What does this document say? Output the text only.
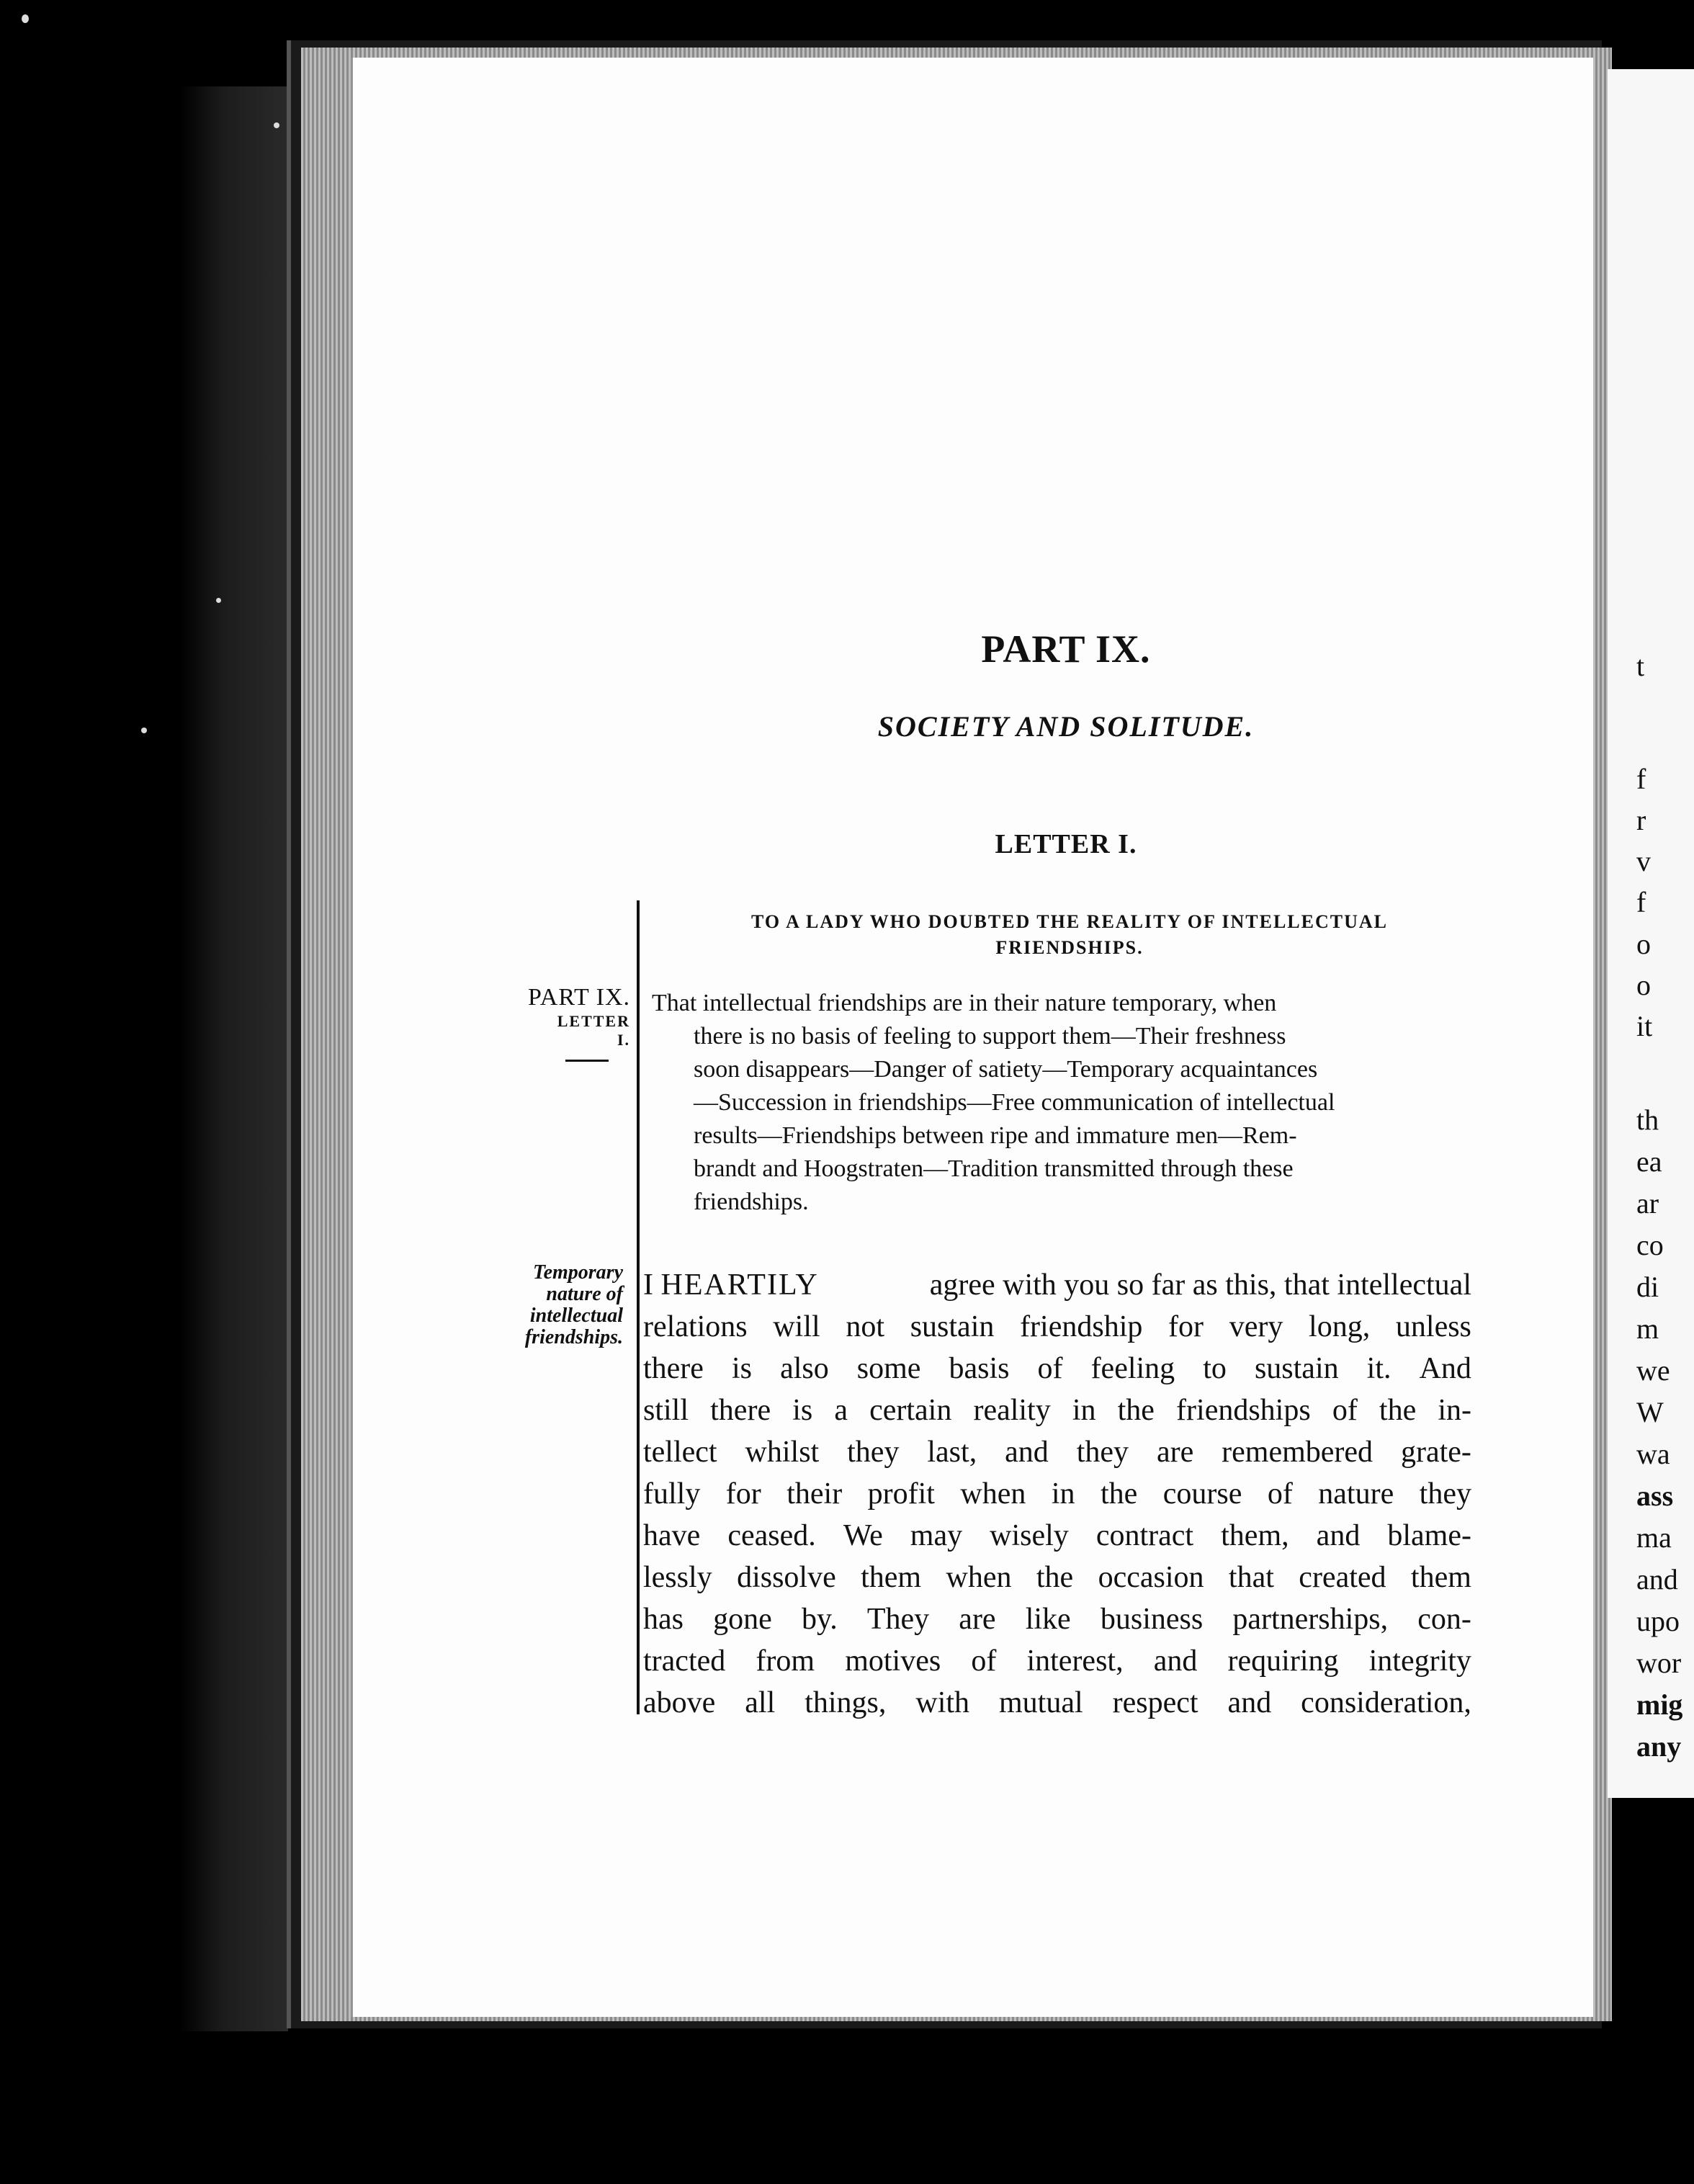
t
f
r
v
f
o
o
it
th
ea
ar
co
di
m
we
W
wa
ass
ma
and
upo
wor
mig
any
PART IX.
SOCIETY AND SOLITUDE.
LETTER I.
TO A LADY WHO DOUBTED THE REALITY OF INTELLECTUAL
FRIENDSHIPS.
PART IX.
LETTER
I.
That intellectual friendships are in their nature temporary, when
there is no basis of feeling to support them—Their freshness
soon disappears—Danger of satiety—Temporary acquaintances
—Succession in friendships—Free communication of intellectual
results—Friendships between ripe and immature men—Rem-
brandt and Hoogstraten—Tradition transmitted through these
friendships.
Temporary
nature of
intellectual
friendships.
I HEARTILY	agree with you so far as this, that intellectual
relations will not sustain friendship for very long, unless
there is also some basis of feeling to sustain it. And
still there is a certain reality in the friendships of the in-
tellect whilst they last, and they are remembered grate-
fully for their profit when in the course of nature they
have ceased. We may wisely contract them, and blame-
lessly dissolve them when the occasion that created them
has gone by. They are like business partnerships, con-
tracted from motives of interest, and requiring integrity
above all things, with mutual respect and consideration,
